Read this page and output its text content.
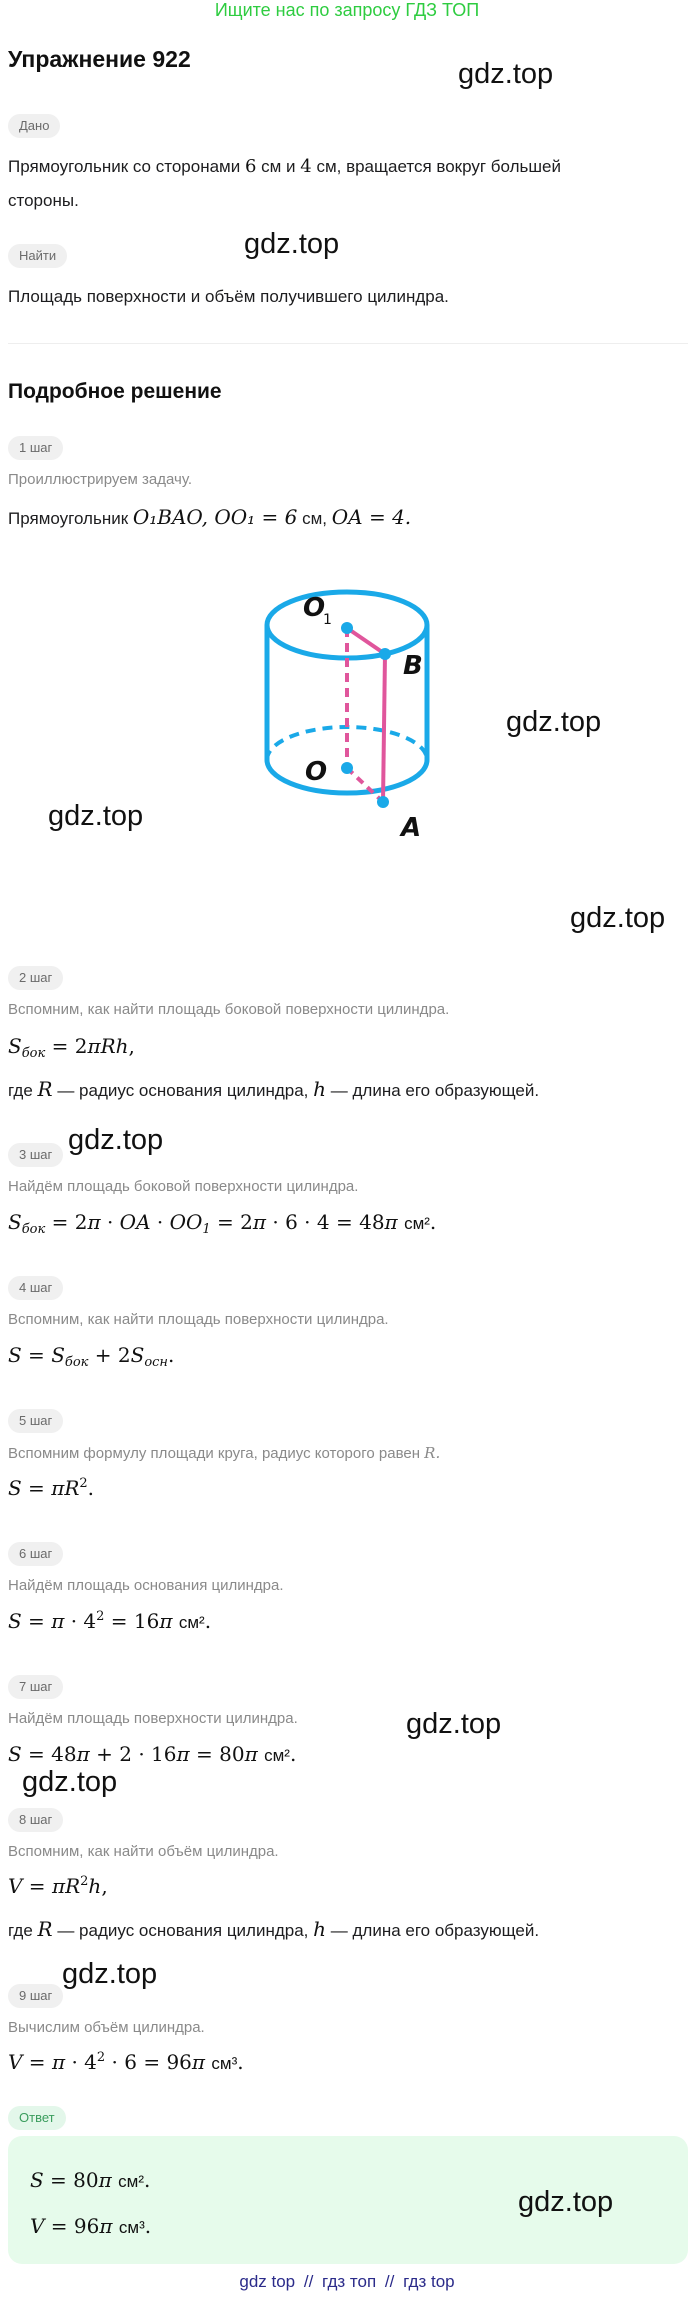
Ищите нас по запросу ГДЗ ТОП
Упражнение 922
Дано
Прямоугольник со сторонами 6 см и 4 см, вращается вокруг большей
стороны.
Найти
Площадь поверхности и объём получившего цилиндра.
Подробное решение
1 шаг
Проиллюстрируем задачу.
Прямоугольник O₁BAO, OO₁ = 6 см, OA = 4.
O
1
B
O
A
2 шаг
Вспомним, как найти площадь боковой поверхности цилиндра.
$S_{бок} = 2\pi Rh$,
где R — радиус основания цилиндра, h — длина его образующей.
3 шаг
Найдём площадь боковой поверхности цилиндра.
$S_{бок} = 2\pi$ · OA · $OO_1 = 2\pi \cdot 6 \cdot 4 = 48\pi$ см².
4 шаг
Вспомним, как найти площадь поверхности цилиндра.
$S = S_{бок} + 2S_{осн}$.
5 шаг
Вспомним формулу площади круга, радиус которого равен R.
$S = \pi R^2$.
6 шаг
Найдём площадь основания цилиндра.
$S = \pi \cdot 4^2 = 16\pi$ см².
7 шаг
Найдём площадь поверхности цилиндра.
S = 48π + 2 · 16π = 80π см².
8 шаг
Вспомним, как найти объём цилиндра.
$V = \pi R^2h$,
где R — радиус основания цилиндра, h — длина его образующей.
9 шаг
Вычислим объём цилиндра.
$V = \pi \cdot 4^2 \cdot 6 = 96\pi$ см³.
Ответ
S = 80π см².
V = 96π см³.
gdz.top
gdz.top
gdz.top
gdz.top
gdz.top
gdz.top
gdz.top
gdz.top
gdz.top
gdz.top
gdz top // гдз топ // гдз top
